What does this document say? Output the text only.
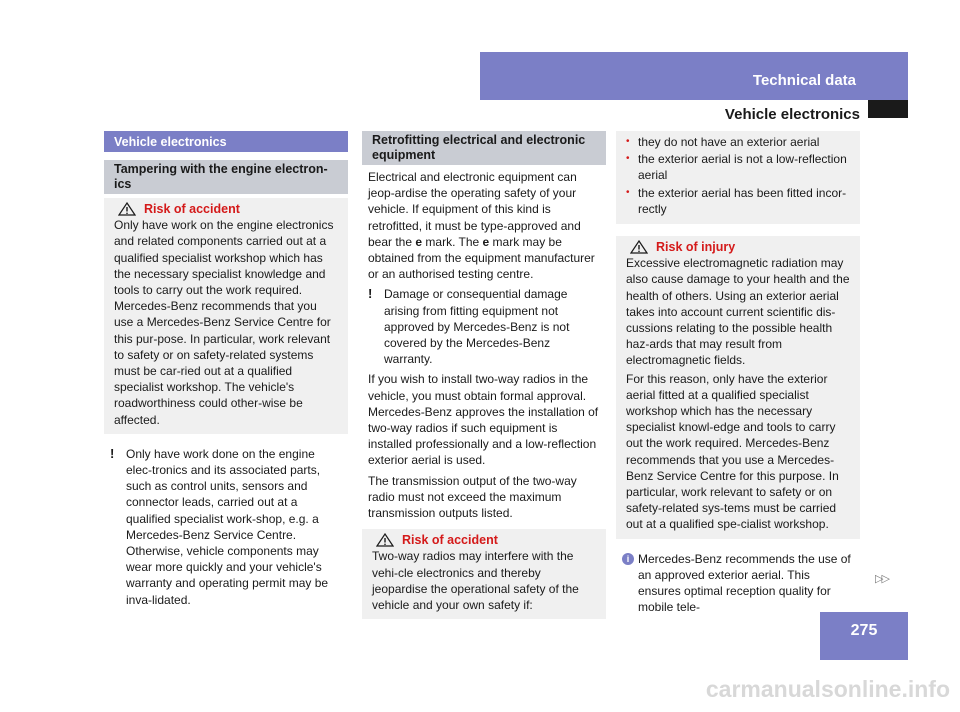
Technical data
Vehicle electronics
275
▷▷
carmanualsonline.info
Vehicle electronics
Tampering with the engine electron-ics
Risk of accident

Only have work on the engine electronics and related components carried out at a qualified specialist workshop which has the necessary specialist knowledge and tools to carry out the work required. Mercedes-Benz recommends that you use a Mercedes-Benz Service Centre for this pur-pose. In particular, work relevant to safety or on safety-related systems must be car-ried out at a qualified specialist workshop. The vehicle's roadworthiness could other-wise be affected.

! Only have work done on the engine elec-tronics and its associated parts, such as control units, sensors and connector leads, carried out at a qualified specialist work-shop, e.g. a Mercedes-Benz Service Centre. Otherwise, vehicle components may wear more quickly and your vehicle's warranty and operating permit may be inva-lidated.
Retrofitting electrical and electronic equipment

Electrical and electronic equipment can jeop-ardise the operating safety of your vehicle. If equipment of this kind is retrofitted, it must be type-approved and bear the e mark. The e mark may be obtained from the equipment manufacturer or an authorised testing centre.

! Damage or consequential damage arising from fitting equipment not approved by Mercedes-Benz is not covered by the Mercedes-Benz warranty.

If you wish to install two-way radios in the vehicle, you must obtain formal approval. Mercedes-Benz approves the installation of two-way radios if such equipment is installed professionally and a low-reflection exterior aerial is used.

The transmission output of the two-way radio must not exceed the maximum transmission outputs listed.

Risk of accident

Two-way radios may interfere with the vehi-cle electronics and thereby jeopardise the operational safety of the vehicle and your own safety if:

• they do not have an exterior aerial
• the exterior aerial is not a low-reflection aerial
• the exterior aerial has been fitted incor-rectly
Risk of injury

Excessive electromagnetic radiation may also cause damage to your health and the health of others. Using an exterior aerial takes into account current scientific dis-cussions relating to the possible health haz-ards that may result from electromagnetic fields.

For this reason, only have the exterior aerial fitted at a qualified specialist workshop which has the necessary specialist knowl-edge and tools to carry out the work required. Mercedes-Benz recommends that you use a Mercedes-Benz Service Centre for this purpose. In particular, work relevant to safety or on safety-related sys-tems must be carried out at a qualified spe-cialist workshop.

i Mercedes-Benz recommends the use of an approved exterior aerial. This ensures optimal reception quality for mobile tele-
